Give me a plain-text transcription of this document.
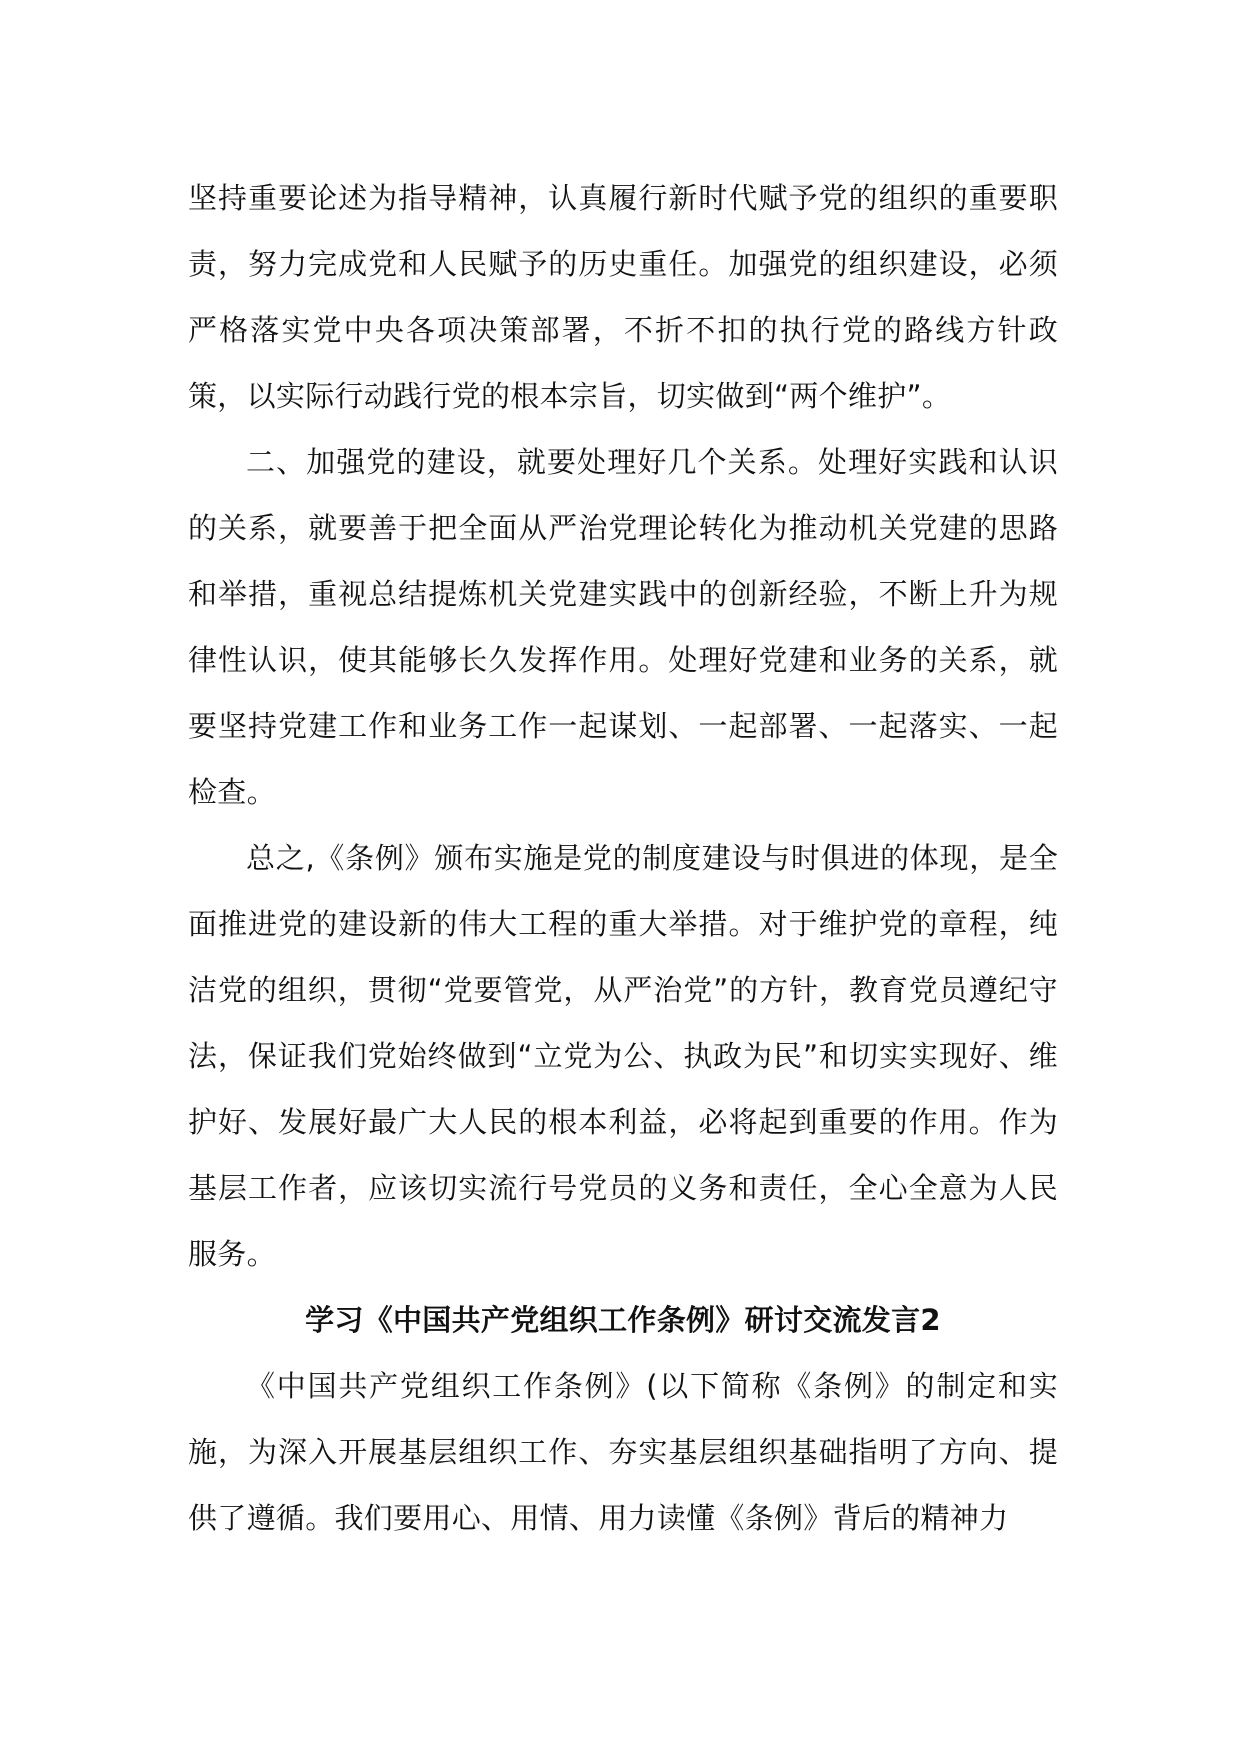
坚持重要论述为指导精神，认真履行新时代赋予党的组织的重要职责，努力完成党和人民赋予的历史重任。加强党的组织建设，必须严格落实党中央各项决策部署，不折不扣的执行党的路线方针政策，以实际行动践行党的根本宗旨，切实做到“两个维护”。

二、加强党的建设，就要处理好几个关系。处理好实践和认识的关系，就要善于把全面从严治党理论转化为推动机关党建的思路和举措，重视总结提炼机关党建实践中的创新经验，不断上升为规律性认识，使其能够长久发挥作用。处理好党建和业务的关系，就要坚持党建工作和业务工作一起谋划、一起部署、一起落实、一起检查。

总之,《条例》颁布实施是党的制度建设与时俱进的体现，是全面推进党的建设新的伟大工程的重大举措。对于维护党的章程，纯洁党的组织，贯彻“党要管党，从严治党”的方针，教育党员遵纪守法，保证我们党始终做到“立党为公、执政为民”和切实实现好、维护好、发展好最广大人民的根本利益，必将起到重要的作用。作为基层工作者，应该切实流行号党员的义务和责任，全心全意为人民服务。

学习《中国共产党组织工作条例》研讨交流发言2

《中国共产党组织工作条例》(以下简称《条例》的制定和实施，为深入开展基层组织工作、夯实基层组织基础指明了方向、提供了遵循。我们要用心、用情、用力读懂《条例》背后的精神力
